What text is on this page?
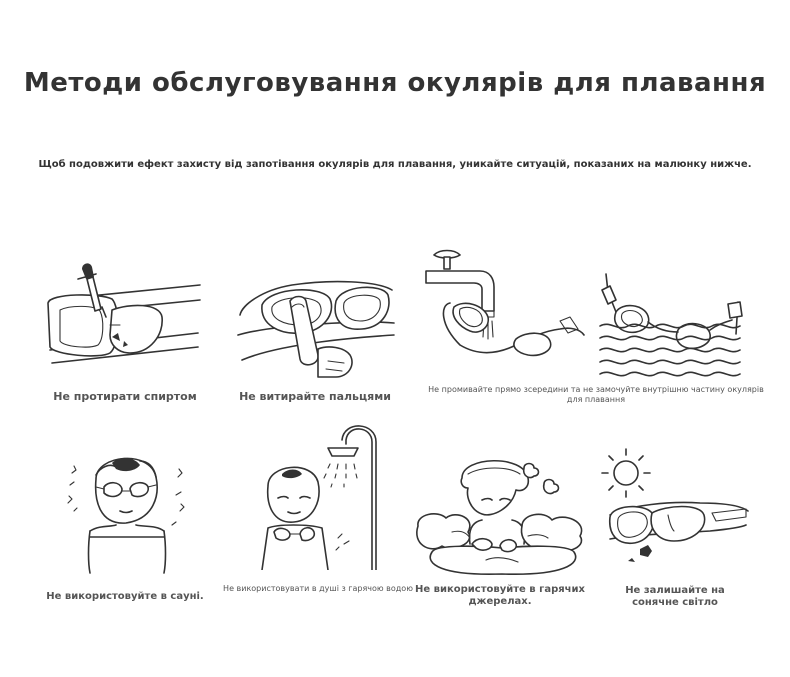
Методи обслуговування окулярів для плавання
Щоб подовжити ефект захисту від запотівання окулярів для плавання, уникайте ситуацій, показаних на малюнку нижче.
Не протирати спиртом	Не витирайте пальцями
Не промивайте прямо зсередини та не замочуйте внутрішню частину окулярів для плавання
Не використовуйте в сауні.
Не використовувати в душі з гарячою водою Не використовуйте в гарячих джерелах.
Не залишайте на сонячне світло
